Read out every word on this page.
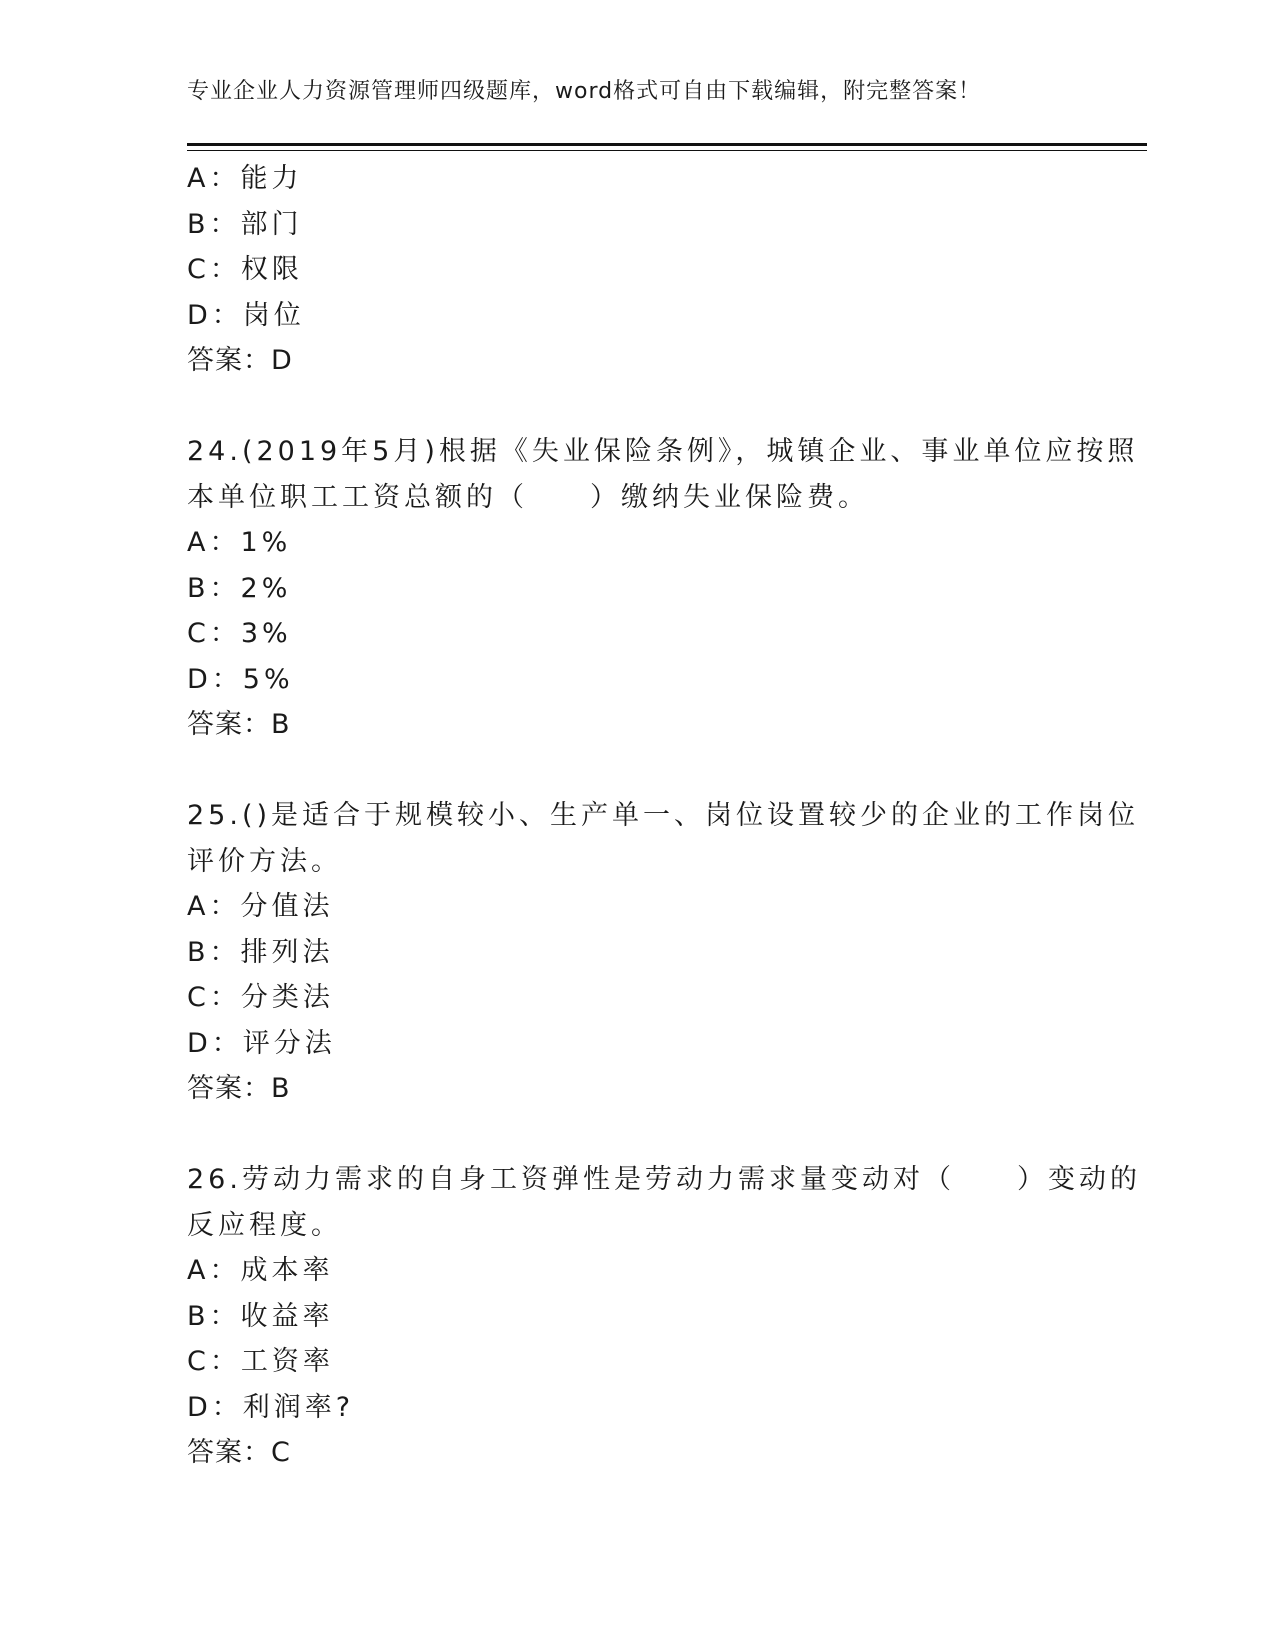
专业企业人力资源管理师四级题库，word格式可自由下载编辑，附完整答案！
A：能力
B：部门
C：权限
D：岗位
答案：D
24.(2019年5月)根据《失业保险条例》，城镇企业、事业单位应按照
本单位职工工资总额的（　　）缴纳失业保险费。
A：1%
B：2%
C：3%
D：5%
答案：B
25.()是适合于规模较小、生产单一、岗位设置较少的企业的工作岗位
评价方法。
A：分值法
B：排列法
C：分类法
D：评分法
答案：B
26.劳动力需求的自身工资弹性是劳动力需求量变动对（　　）变动的
反应程度。
A：成本率
B：收益率
C：工资率
D：利润率?
答案：C
